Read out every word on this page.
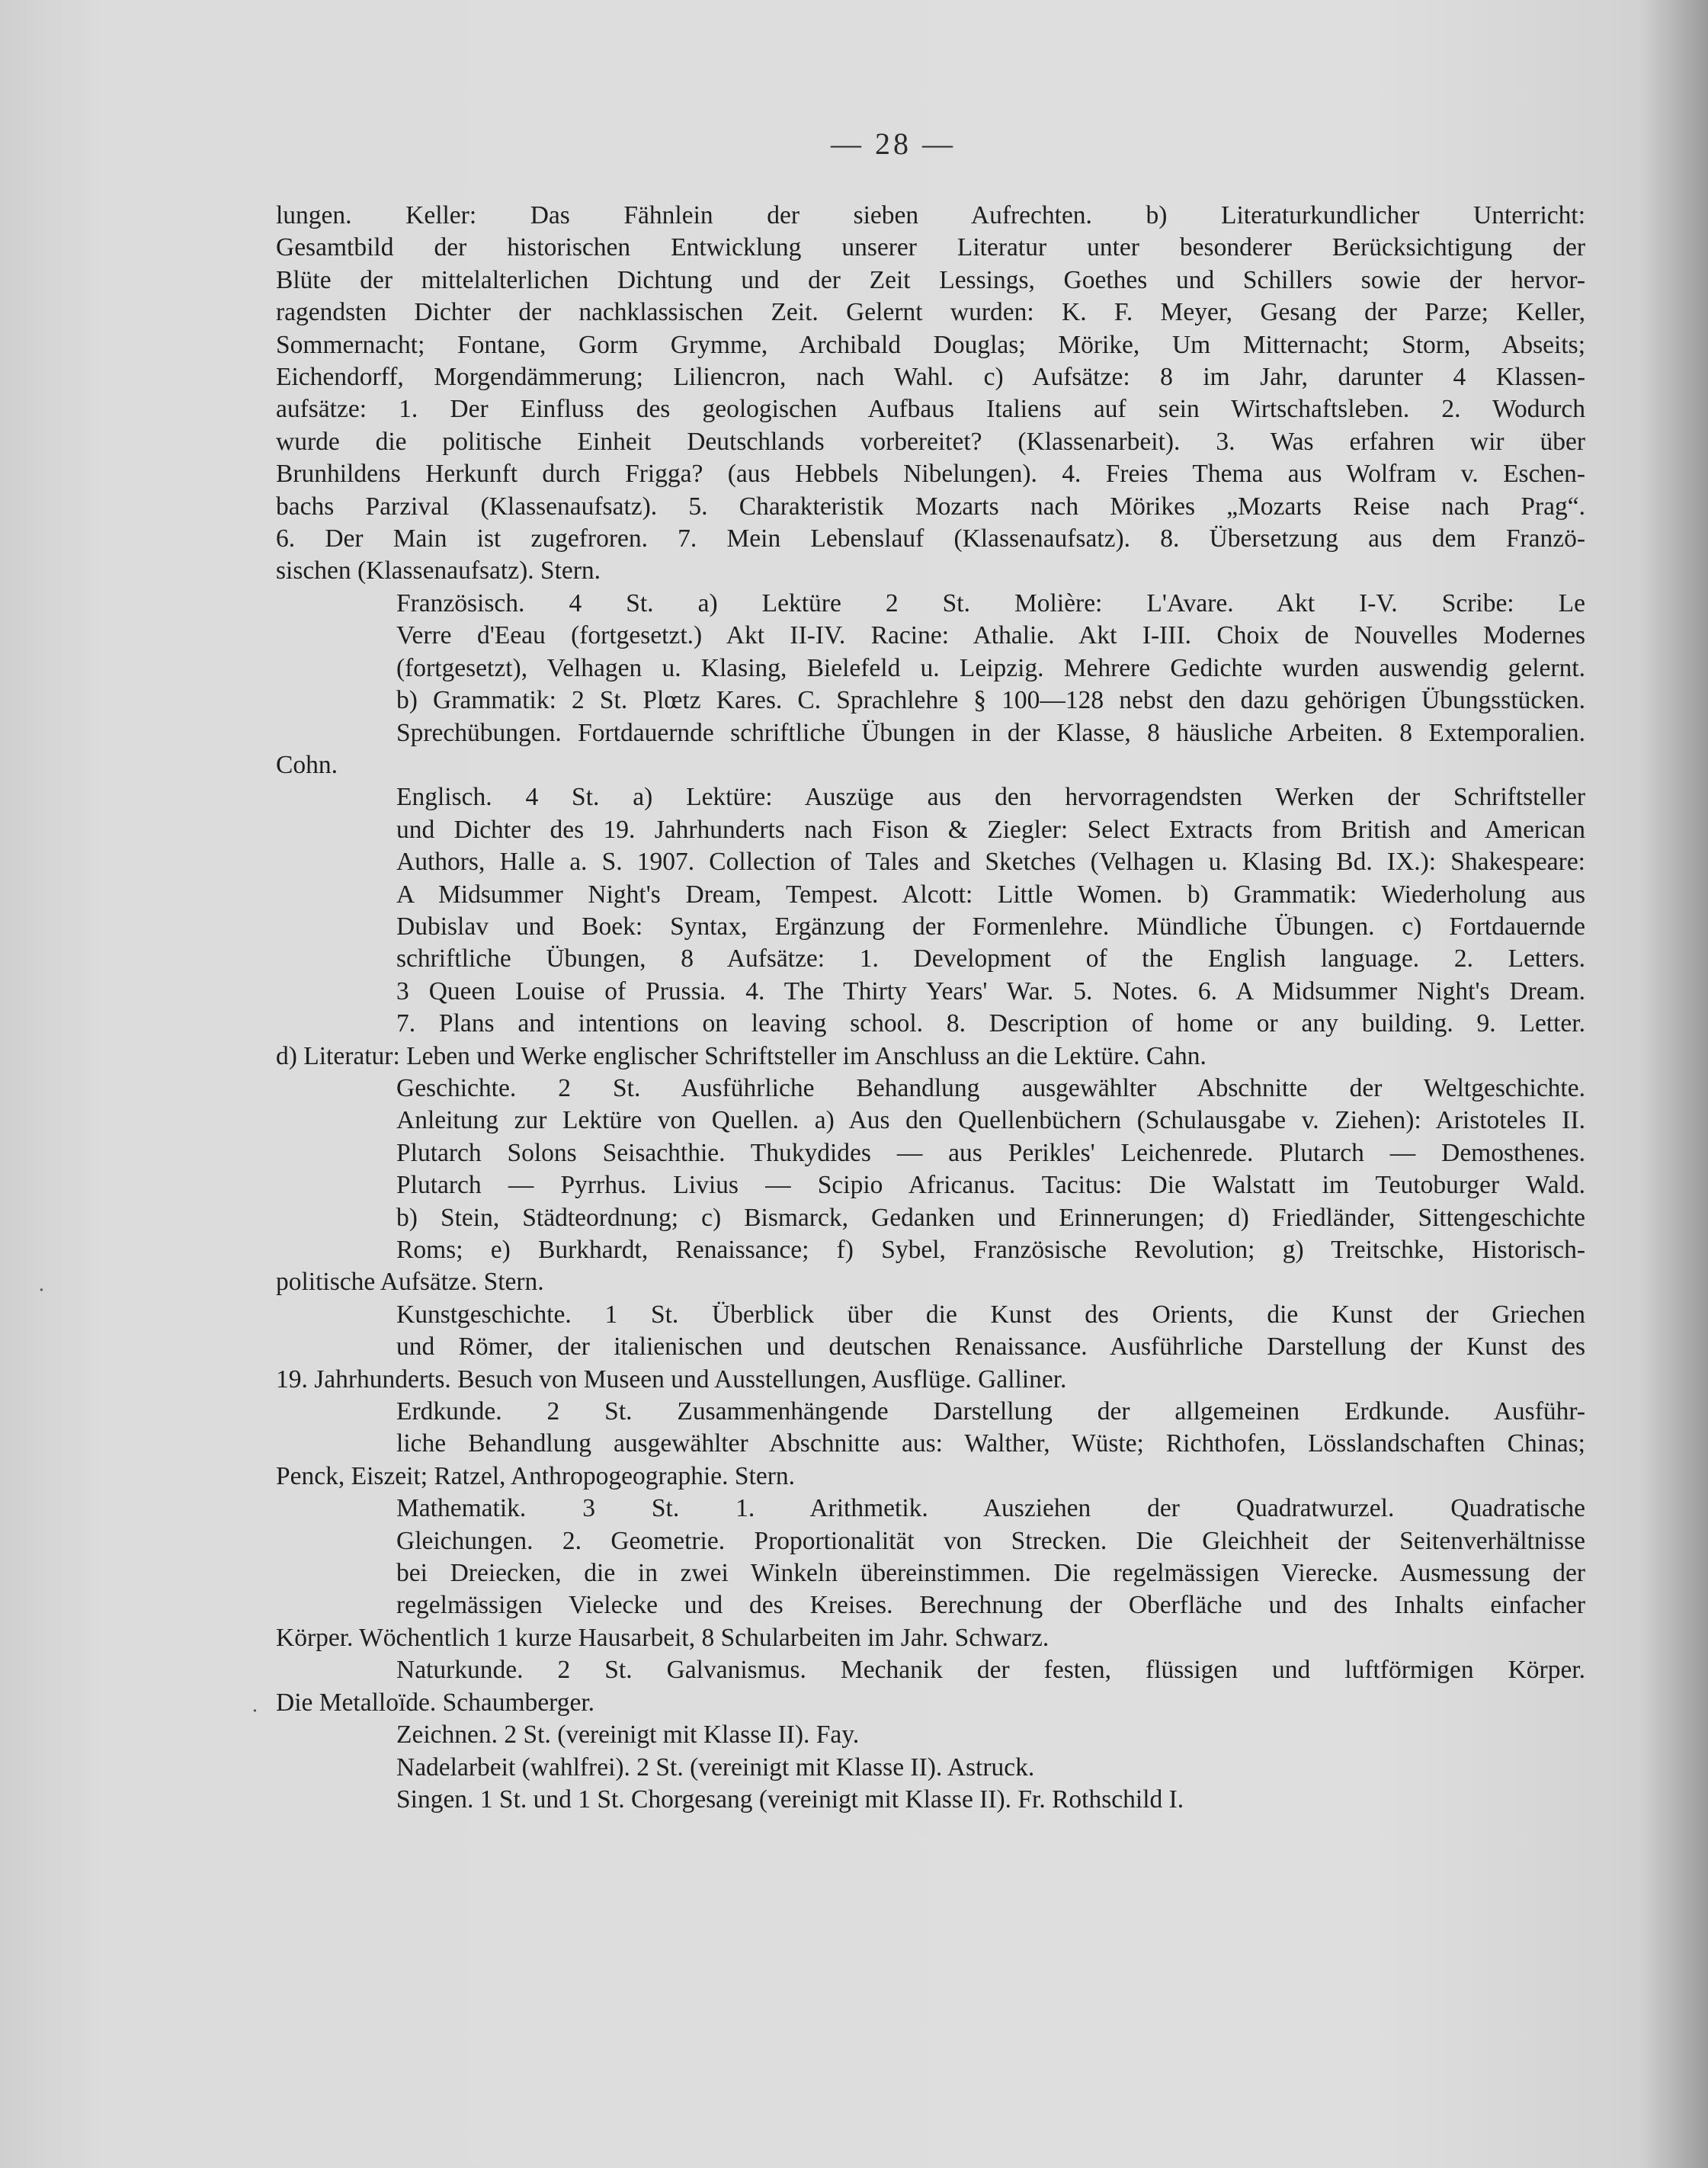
— 28 —

lungen. Keller: Das Fähnlein der sieben Aufrechten. b) Literaturkundlicher Unterricht:
Gesamtbild der historischen Entwicklung unserer Literatur unter besonderer Berücksichtigung der
Blüte der mittelalterlichen Dichtung und der Zeit Lessings, Goethes und Schillers sowie der hervor-
ragendsten Dichter der nachklassischen Zeit. Gelernt wurden: K. F. Meyer, Gesang der Parze; Keller,
Sommernacht; Fontane, Gorm Grymme, Archibald Douglas; Mörike, Um Mitternacht; Storm, Abseits;
Eichendorff, Morgendämmerung; Liliencron, nach Wahl. c) Aufsätze: 8 im Jahr, darunter 4 Klassen-
aufsätze: 1. Der Einfluss des geologischen Aufbaus Italiens auf sein Wirtschaftsleben. 2. Wodurch
wurde die politische Einheit Deutschlands vorbereitet? (Klassenarbeit). 3. Was erfahren wir über
Brunhildens Herkunft durch Frigga? (aus Hebbels Nibelungen). 4. Freies Thema aus Wolfram v. Eschen-
bachs Parzival (Klassenaufsatz). 5. Charakteristik Mozarts nach Mörikes „Mozarts Reise nach Prag“.
6. Der Main ist zugefroren. 7. Mein Lebenslauf (Klassenaufsatz). 8. Übersetzung aus dem Franzö-
sischen (Klassenaufsatz). Stern.

Französisch. 4 St. a) Lektüre 2 St. Molière: L'Avare. Akt I-V. Scribe: Le
Verre d'Eeau (fortgesetzt.) Akt II-IV. Racine: Athalie. Akt I-III. Choix de Nouvelles Modernes
(fortgesetzt), Velhagen u. Klasing, Bielefeld u. Leipzig. Mehrere Gedichte wurden auswendig gelernt.
b) Grammatik: 2 St. Plœtz Kares. C. Sprachlehre § 100—128 nebst den dazu gehörigen Übungsstücken.
Sprechübungen. Fortdauernde schriftliche Übungen in der Klasse, 8 häusliche Arbeiten. 8 Extemporalien.
Cohn.

Englisch. 4 St. a) Lektüre: Auszüge aus den hervorragendsten Werken der Schriftsteller
und Dichter des 19. Jahrhunderts nach Fison & Ziegler: Select Extracts from British and American
Authors, Halle a. S. 1907. Collection of Tales and Sketches (Velhagen u. Klasing Bd. IX.): Shakespeare:
A Midsummer Night's Dream, Tempest. Alcott: Little Women. b) Grammatik: Wiederholung aus
Dubislav und Boek: Syntax, Ergänzung der Formenlehre. Mündliche Übungen. c) Fortdauernde
schriftliche Übungen, 8 Aufsätze: 1. Development of the English language. 2. Letters.
3 Queen Louise of Prussia. 4. The Thirty Years' War. 5. Notes. 6. A Midsummer Night's Dream.
7. Plans and intentions on leaving school. 8. Description of home or any building. 9. Letter.
d) Literatur: Leben und Werke englischer Schriftsteller im Anschluss an die Lektüre. Cahn.

Geschichte. 2 St. Ausführliche Behandlung ausgewählter Abschnitte der Weltgeschichte.
Anleitung zur Lektüre von Quellen. a) Aus den Quellenbüchern (Schulausgabe v. Ziehen): Aristoteles II.
Plutarch Solons Seisachthie. Thukydides — aus Perikles' Leichenrede. Plutarch — Demosthenes.
Plutarch — Pyrrhus. Livius — Scipio Africanus. Tacitus: Die Walstatt im Teutoburger Wald.
b) Stein, Städteordnung; c) Bismarck, Gedanken und Erinnerungen; d) Friedländer, Sittengeschichte
Roms; e) Burkhardt, Renaissance; f) Sybel, Französische Revolution; g) Treitschke, Historisch-
politische Aufsätze. Stern.

Kunstgeschichte. 1 St. Überblick über die Kunst des Orients, die Kunst der Griechen
und Römer, der italienischen und deutschen Renaissance. Ausführliche Darstellung der Kunst des
19. Jahrhunderts. Besuch von Museen und Ausstellungen, Ausflüge. Galliner.

Erdkunde. 2 St. Zusammenhängende Darstellung der allgemeinen Erdkunde. Ausführ-
liche Behandlung ausgewählter Abschnitte aus: Walther, Wüste; Richthofen, Lösslandschaften Chinas;
Penck, Eiszeit; Ratzel, Anthropogeographie. Stern.

Mathematik. 3 St. 1. Arithmetik. Ausziehen der Quadratwurzel. Quadratische
Gleichungen. 2. Geometrie. Proportionalität von Strecken. Die Gleichheit der Seitenverhältnisse
bei Dreiecken, die in zwei Winkeln übereinstimmen. Die regelmässigen Vierecke. Ausmessung der
regelmässigen Vielecke und des Kreises. Berechnung der Oberfläche und des Inhalts einfacher
Körper. Wöchentlich 1 kurze Hausarbeit, 8 Schularbeiten im Jahr. Schwarz.

Naturkunde. 2 St. Galvanismus. Mechanik der festen, flüssigen und luftförmigen Körper.
Die Metalloïde. Schaumberger.

Zeichnen. 2 St. (vereinigt mit Klasse II). Fay.

Nadelarbeit (wahlfrei). 2 St. (vereinigt mit Klasse II). Astruck.

Singen. 1 St. und 1 St. Chorgesang (vereinigt mit Klasse II). Fr. Rothschild I.

⋅
⋅
